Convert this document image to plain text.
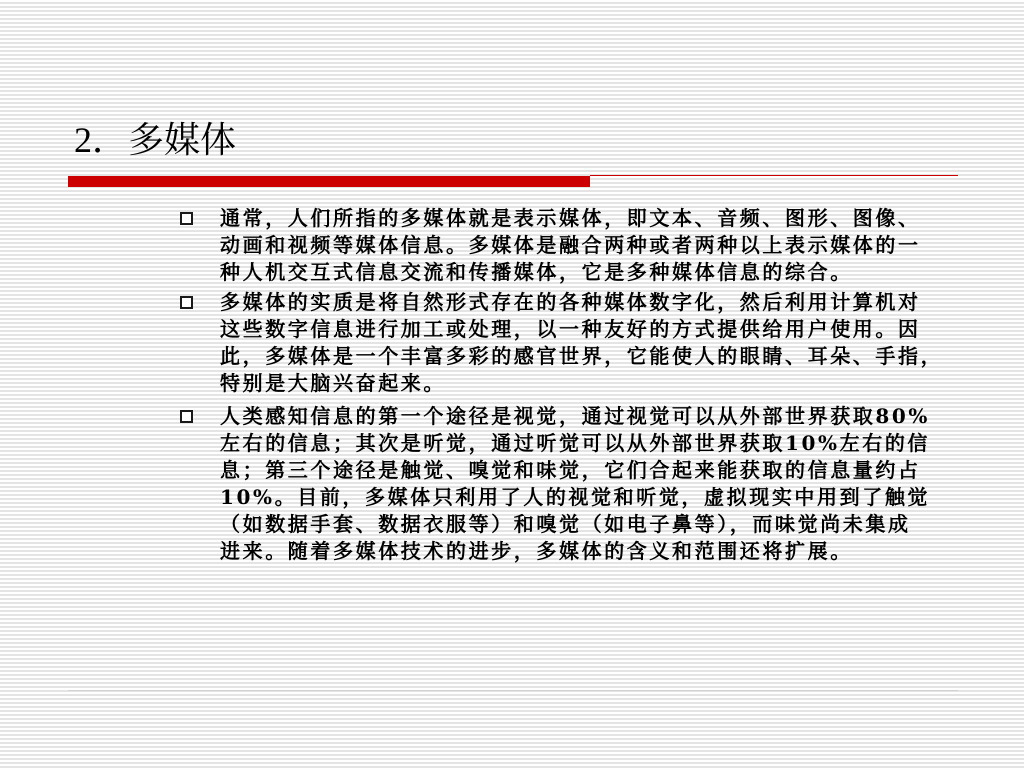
2．多媒体
通常，人们所指的多媒体就是表示媒体，即文本、音频、图形、图像、
动画和视频等媒体信息。多媒体是融合两种或者两种以上表示媒体的一
种人机交互式信息交流和传播媒体，它是多种媒体信息的综合。
多媒体的实质是将自然形式存在的各种媒体数字化，然后利用计算机对
这些数字信息进行加工或处理，以一种友好的方式提供给用户使用。因
此，多媒体是一个丰富多彩的感官世界，它能使人的眼睛、耳朵、手指，
特别是大脑兴奋起来。
人类感知信息的第一个途径是视觉，通过视觉可以从外部世界获取80%
左右的信息；其次是听觉，通过听觉可以从外部世界获取10%左右的信
息；第三个途径是触觉、嗅觉和味觉，它们合起来能获取的信息量约占
10%。目前，多媒体只利用了人的视觉和听觉，虚拟现实中用到了触觉
（如数据手套、数据衣服等）和嗅觉（如电子鼻等），而味觉尚未集成
进来。随着多媒体技术的进步，多媒体的含义和范围还将扩展。
